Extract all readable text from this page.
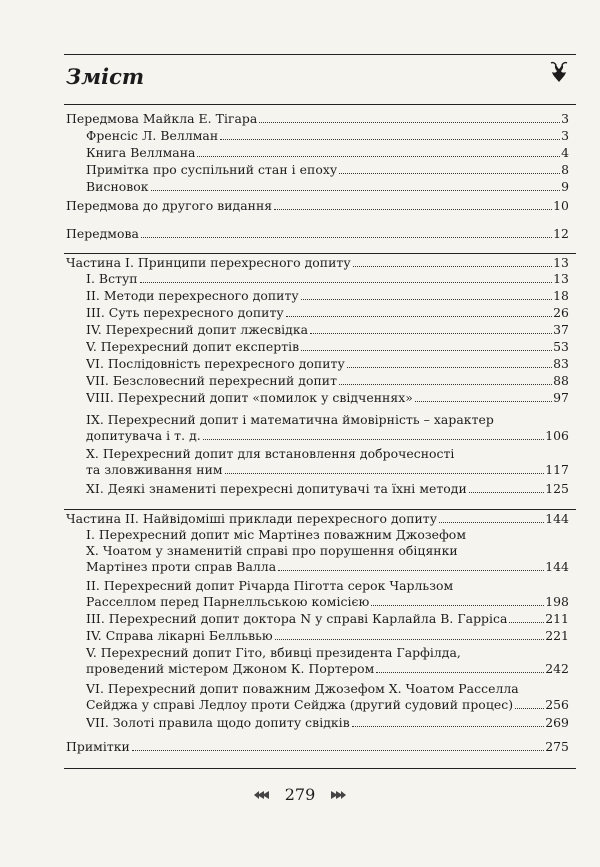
Зміст
Передмова Майкла Е. Тігара	3
Френсіс Л. Веллман	3
Книга Веллмана	4
Примітка про суспільний стан і епоху	8
Висновок	9
Передмова до другого видання	10
Передмова	12
Частина І. Принципи перехресного допиту	13
І. Вступ	13
ІІ. Методи перехресного допиту	18
ІІІ. Суть перехресного допиту	26
IV. Перехресний допит лжесвідка	37
V. Перехресний допит експертів	53
VI. Послідовність перехресного допиту	83
VII. Безсловесний перехресний допит	88
VIII. Перехресний допит «помилок у свідченнях»	97
IX. Перехресний допит і математична ймовірність – характер
допитувача і т. д.	106
X. Перехресний допит для встановлення доброчесності
та зловживання ним	117
XI. Деякі знамениті перехресні допитувачі та їхні методи	125
Частина ІІ. Найвідоміші приклади перехресного допиту	144
І. Перехресний допит міс Мартінез поважним Джозефом
Х. Чоатом у знаменитій справі про порушення обіцянки
Мартінез проти справ Валла	144
ІІ. Перехресний допит Річарда Піготта серок Чарльзом
Расселлом перед Парнелльською комісією	198
ІІІ. Перехресний допит доктора N у справі Карлайла В. Гарріса	211
IV. Справа лікарні Белльвью	221
V. Перехресний допит Гіто, вбивці президента Гарфілда,
проведений містером Джоном К. Портером	242
VI. Перехресний допит поважним Джозефом Х. Чоатом Расселла
Сейджа у справі Ледлоу проти Сейджа (другий судовий процес)	256
VII. Золоті правила щодо допиту свідків	269
Примітки	275
279
